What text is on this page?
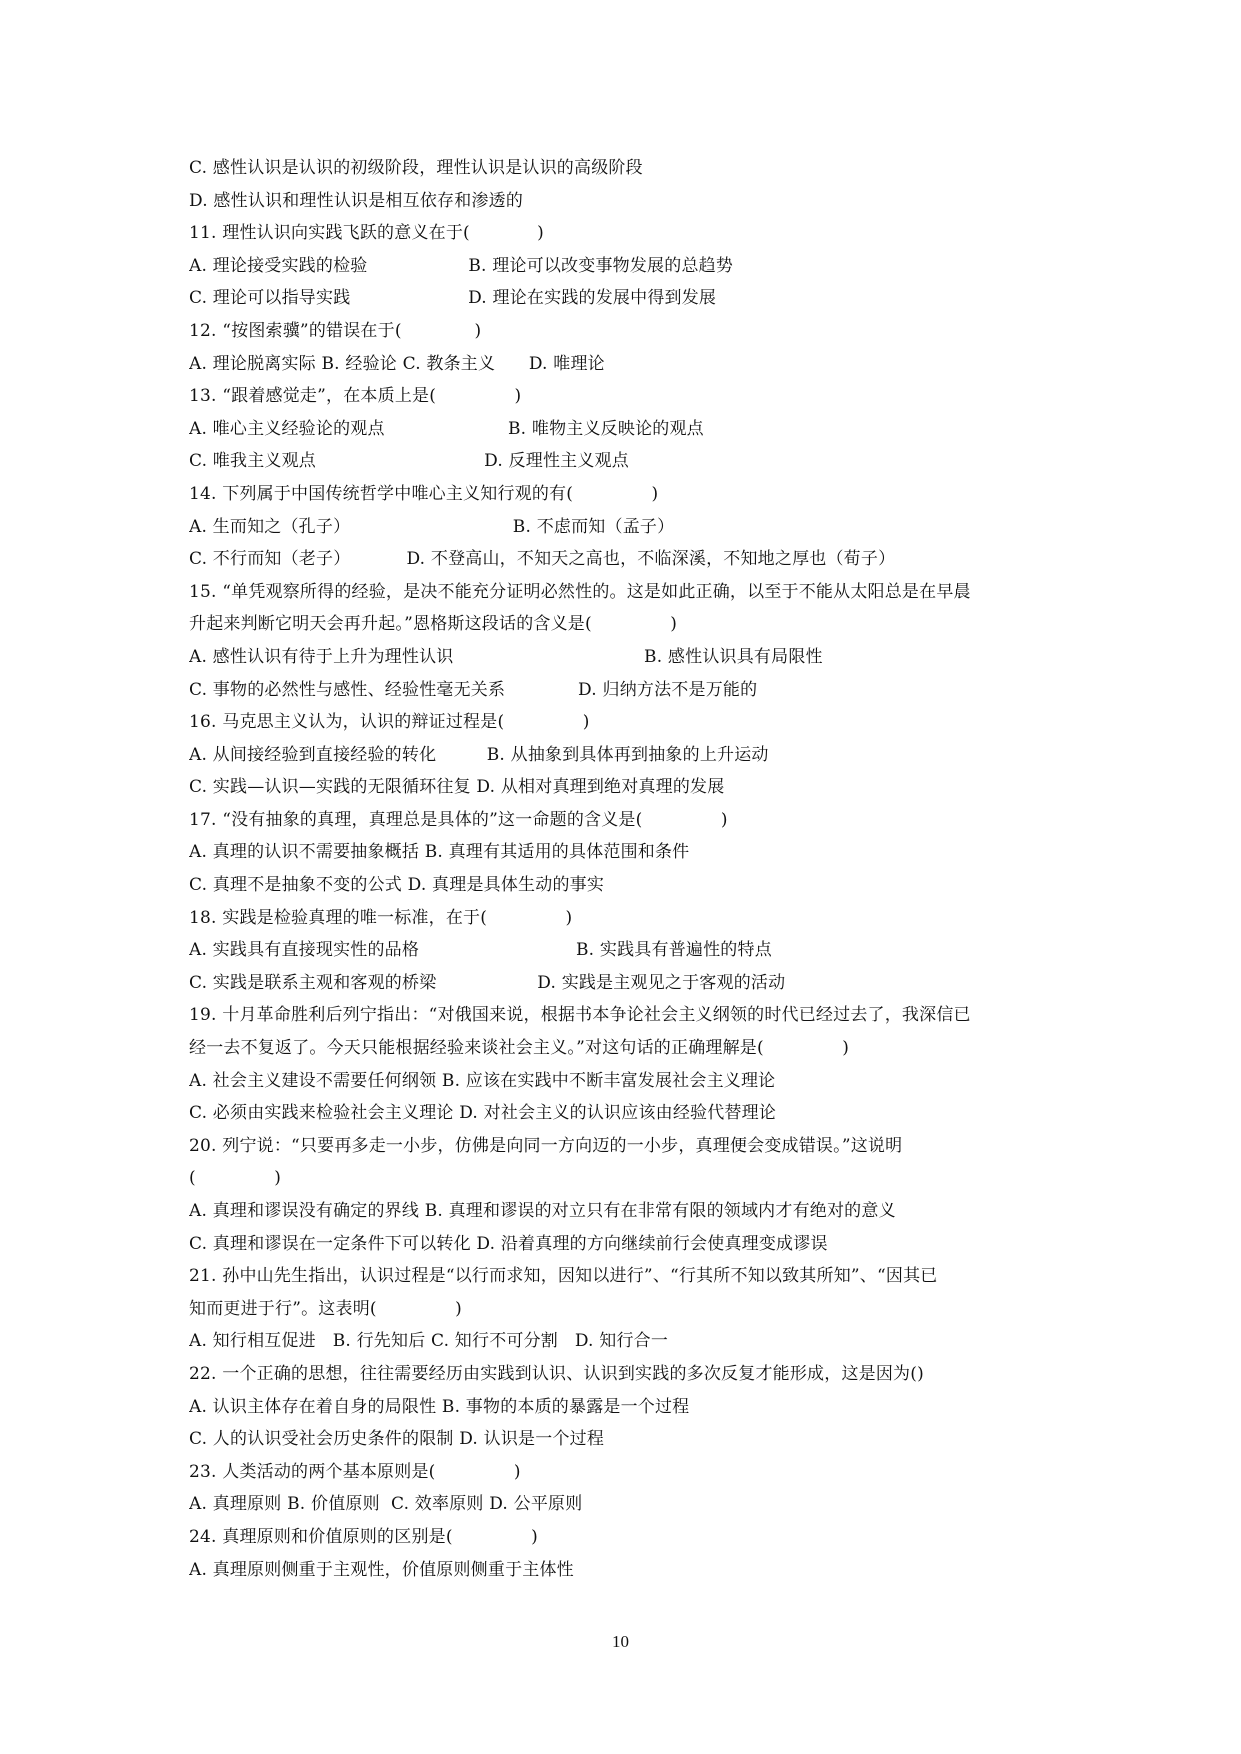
C. 感性认识是认识的初级阶段，理性认识是认识的高级阶段
D. 感性认识和理性认识是相互依存和渗透的
11. 理性认识向实践飞跃的意义在于(            )
A. 理论接受实践的检验                  B. 理论可以改变事物发展的总趋势
C. 理论可以指导实践                     D. 理论在实践的发展中得到发展
12. “按图索骥”的错误在于(             )
A. 理论脱离实际 B. 经验论 C. 教条主义      D. 唯理论
13. “跟着感觉走”，在本质上是(              )
A. 唯心主义经验论的观点                      B. 唯物主义反映论的观点
C. 唯我主义观点                              D. 反理性主义观点
14. 下列属于中国传统哲学中唯心主义知行观的有(              )
A. 生而知之（孔子）                             B. 不虑而知（孟子）
C. 不行而知（老子）          D. 不登高山，不知天之高也，不临深溪，不知地之厚也（荀子）
15. “单凭观察所得的经验，是决不能充分证明必然性的。这是如此正确，以至于不能从太阳总是在早晨
升起来判断它明天会再升起。”恩格斯这段话的含义是(              )
A. 感性认识有待于上升为理性认识                                  B. 感性认识具有局限性
C. 事物的必然性与感性、经验性毫无关系             D. 归纳方法不是万能的
16. 马克思主义认为，认识的辩证过程是(              )
A. 从间接经验到直接经验的转化         B. 从抽象到具体再到抽象的上升运动
C. 实践—认识—实践的无限循环往复 D. 从相对真理到绝对真理的发展
17. “没有抽象的真理，真理总是具体的”这一命题的含义是(              )
A. 真理的认识不需要抽象概括 B. 真理有其适用的具体范围和条件
C. 真理不是抽象不变的公式 D. 真理是具体生动的事实
18. 实践是检验真理的唯一标准，在于(              )
A. 实践具有直接现实性的品格                            B. 实践具有普遍性的特点
C. 实践是联系主观和客观的桥梁                  D. 实践是主观见之于客观的活动
19. 十月革命胜利后列宁指出：“对俄国来说，根据书本争论社会主义纲领的时代已经过去了，我深信已
经一去不复返了。今天只能根据经验来谈社会主义。”对这句话的正确理解是(              )
A. 社会主义建设不需要任何纲领 B. 应该在实践中不断丰富发展社会主义理论
C. 必须由实践来检验社会主义理论 D. 对社会主义的认识应该由经验代替理论
20. 列宁说：“只要再多走一小步，仿佛是向同一方向迈的一小步，真理便会变成错误。”这说明
(              )
A. 真理和谬误没有确定的界线 B. 真理和谬误的对立只有在非常有限的领域内才有绝对的意义
C. 真理和谬误在一定条件下可以转化 D. 沿着真理的方向继续前行会使真理变成谬误
21. 孙中山先生指出，认识过程是“以行而求知，因知以进行”、“行其所不知以致其所知”、“因其已
知而更进于行”。这表明(              )
A. 知行相互促进   B. 行先知后 C. 知行不可分割   D. 知行合一
22. 一个正确的思想，往往需要经历由实践到认识、认识到实践的多次反复才能形成，这是因为()
A. 认识主体存在着自身的局限性 B. 事物的本质的暴露是一个过程
C. 人的认识受社会历史条件的限制 D. 认识是一个过程
23. 人类活动的两个基本原则是(              )
A. 真理原则 B. 价值原则  C. 效率原则 D. 公平原则
24. 真理原则和价值原则的区别是(              )
A. 真理原则侧重于主观性，价值原则侧重于主体性
10
